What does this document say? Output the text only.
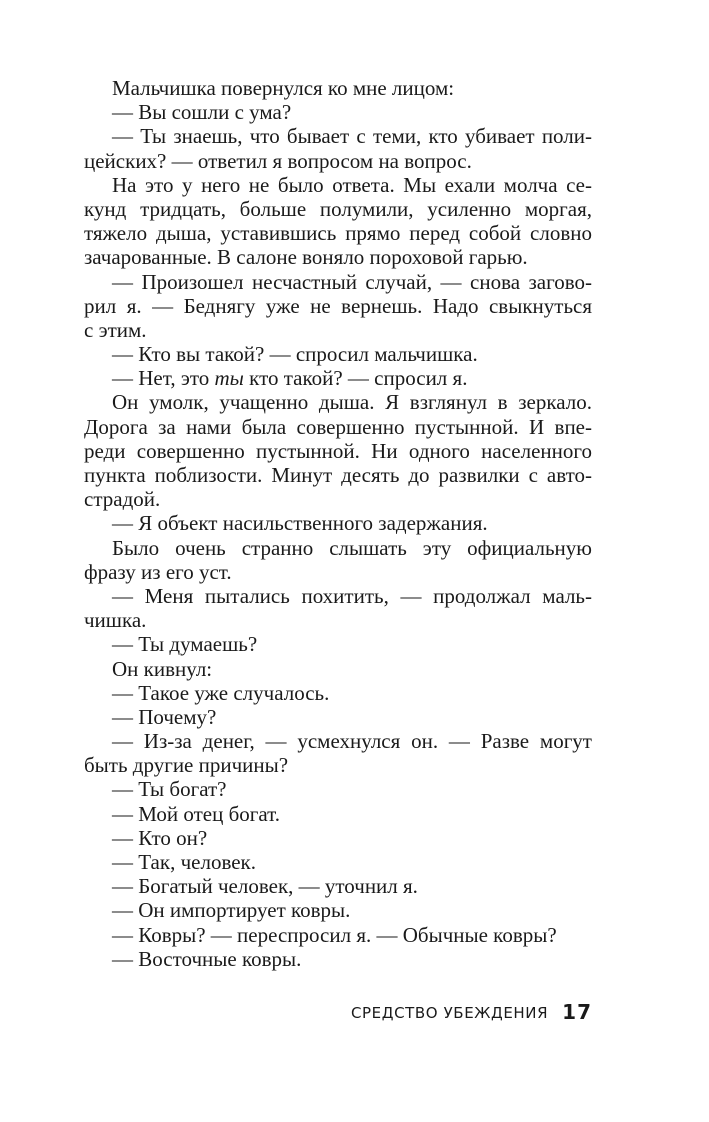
Мальчишка повернулся ко мне лицом:
— Вы сошли с ума?
— Ты знаешь, что бывает с теми, кто убивает поли-
цейских? — ответил я вопросом на вопрос.
На это у него не было ответа. Мы ехали молча се-
кунд тридцать, больше полумили, усиленно моргая,
тяжело дыша, уставившись прямо перед собой словно
зачарованные. В салоне воняло пороховой гарью.
— Произошел несчастный случай, — снова загово-
рил я. — Беднягу уже не вернешь. Надо свыкнуться
с этим.
— Кто вы такой? — спросил мальчишка.
— Нет, это ты кто такой? — спросил я.
Он умолк, учащенно дыша. Я взглянул в зеркало.
Дорога за нами была совершенно пустынной. И впе-
реди совершенно пустынной. Ни одного населенного
пункта поблизости. Минут десять до развилки с авто-
страдой.
— Я объект насильственного задержания.
Было очень странно слышать эту официальную
фразу из его уст.
— Меня пытались похитить, — продолжал маль-
чишка.
— Ты думаешь?
Он кивнул:
— Такое уже случалось.
— Почему?
— Из-за денег, — усмехнулся он. — Разве могут
быть другие причины?
— Ты богат?
— Мой отец богат.
— Кто он?
— Так, человек.
— Богатый человек, — уточнил я.
— Он импортирует ковры.
— Ковры? — переспросил я. — Обычные ковры?
— Восточные ковры.
СРЕДСТВО УБЕЖДЕНИЯ 17
